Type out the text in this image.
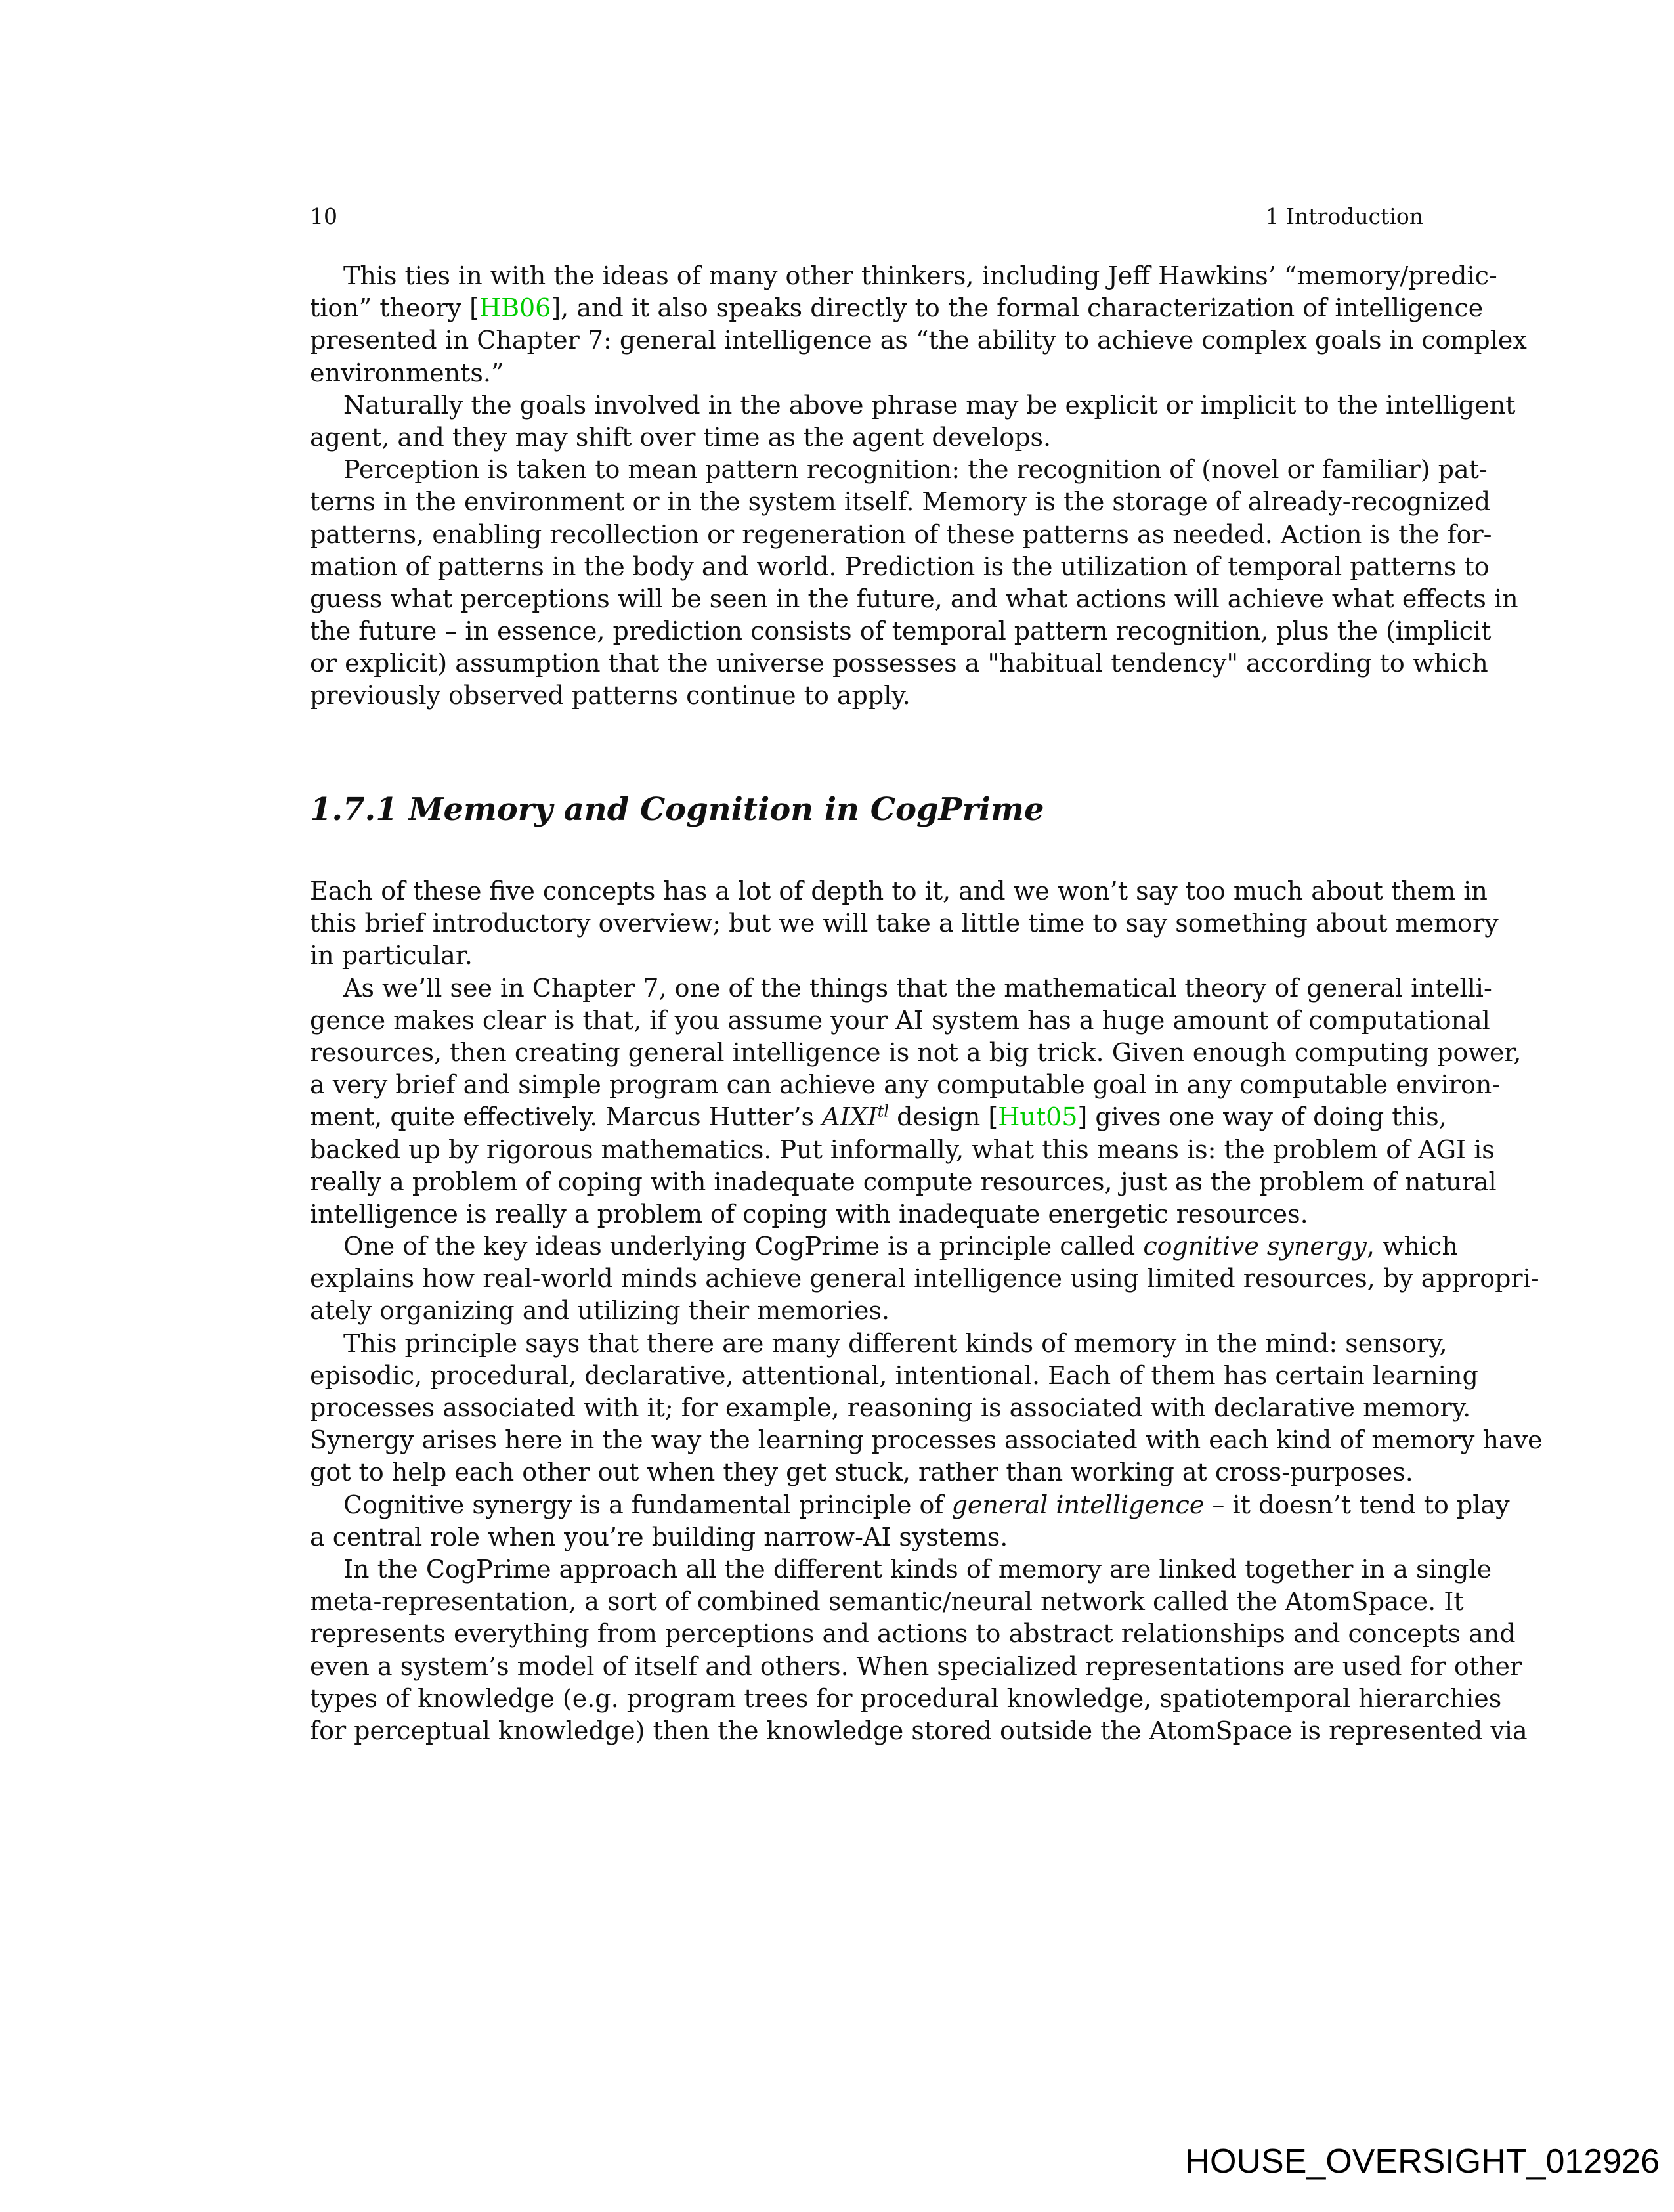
10	1 Introduction
This ties in with the ideas of many other thinkers, including Jeff Hawkins’ “memory/predic-
tion” theory [HB06], and it also speaks directly to the formal characterization of intelligence
presented in Chapter 7: general intelligence as “the ability to achieve complex goals in complex
environments.”
Naturally the goals involved in the above phrase may be explicit or implicit to the intelligent
agent, and they may shift over time as the agent develops.
Perception is taken to mean pattern recognition: the recognition of (novel or familiar) pat-
terns in the environment or in the system itself. Memory is the storage of already-recognized
patterns, enabling recollection or regeneration of these patterns as needed. Action is the for-
mation of patterns in the body and world. Prediction is the utilization of temporal patterns to
guess what perceptions will be seen in the future, and what actions will achieve what effects in
the future – in essence, prediction consists of temporal pattern recognition, plus the (implicit
or explicit) assumption that the universe possesses a "habitual tendency" according to which
previously observed patterns continue to apply.
1.7.1 Memory and Cognition in CogPrime
Each of these five concepts has a lot of depth to it, and we won’t say too much about them in
this brief introductory overview; but we will take a little time to say something about memory
in particular.
As we’ll see in Chapter 7, one of the things that the mathematical theory of general intelli-
gence makes clear is that, if you assume your AI system has a huge amount of computational
resources, then creating general intelligence is not a big trick. Given enough computing power,
a very brief and simple program can achieve any computable goal in any computable environ-
ment, quite effectively. Marcus Hutter’s $AIXI^{tl}$ design [Hut05] gives one way of doing this,
backed up by rigorous mathematics. Put informally, what this means is: the problem of AGI is
really a problem of coping with inadequate compute resources, just as the problem of natural
intelligence is really a problem of coping with inadequate energetic resources.
One of the key ideas underlying CogPrime is a principle called cognitive synergy, which
explains how real-world minds achieve general intelligence using limited resources, by appropri-
ately organizing and utilizing their memories.
This principle says that there are many different kinds of memory in the mind: sensory,
episodic, procedural, declarative, attentional, intentional. Each of them has certain learning
processes associated with it; for example, reasoning is associated with declarative memory.
Synergy arises here in the way the learning processes associated with each kind of memory have
got to help each other out when they get stuck, rather than working at cross-purposes.
Cognitive synergy is a fundamental principle of general intelligence – it doesn’t tend to play
a central role when you’re building narrow-AI systems.
In the CogPrime approach all the different kinds of memory are linked together in a single
meta-representation, a sort of combined semantic/neural network called the AtomSpace. It
represents everything from perceptions and actions to abstract relationships and concepts and
even a system’s model of itself and others. When specialized representations are used for other
types of knowledge (e.g. program trees for procedural knowledge, spatiotemporal hierarchies
for perceptual knowledge) then the knowledge stored outside the AtomSpace is represented via
HOUSE_OVERSIGHT_012926
